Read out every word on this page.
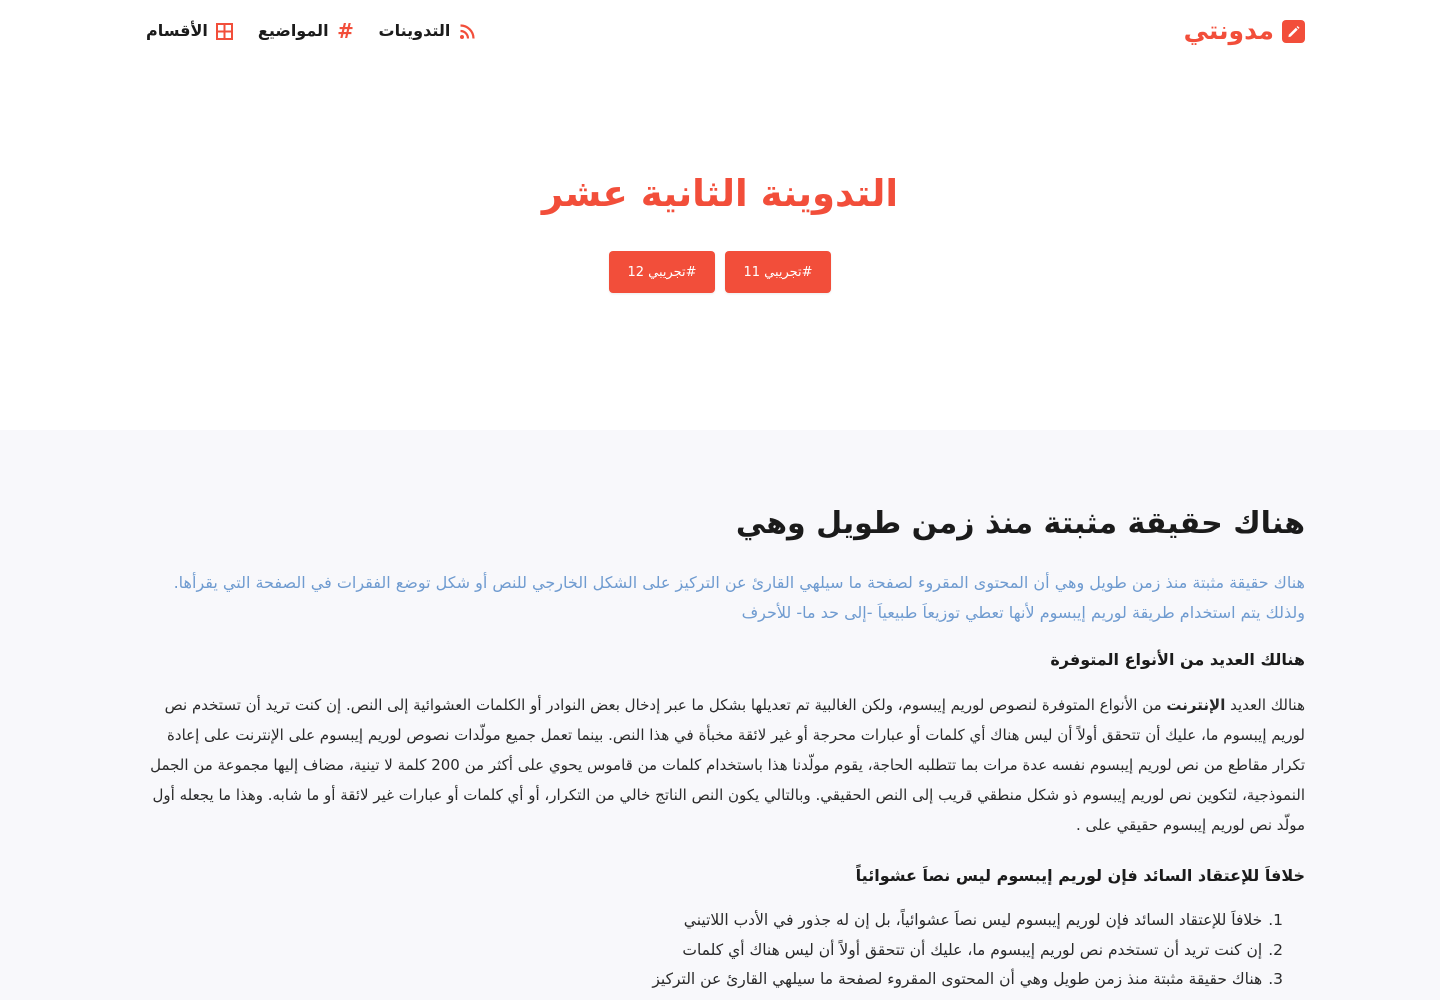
مدونتي
الأقسام	#
المواضيع	التدوينات
التدوينة الثانية عشر
#تجريبي 11
#تجريبي 12
هناك حقيقة مثبتة منذ زمن طويل وهي

هناك حقيقة مثبتة منذ زمن طويل وهي أن المحتوى المقروء لصفحة ما سيلهي القارئ عن التركيز على الشكل الخارجي للنص أو شكل توضع الفقرات في الصفحة التي يقرأها. ولذلك يتم استخدام طريقة لوريم إيبسوم لأنها تعطي توزيعاَ طبيعياَ -إلى حد ما- للأحرف

هنالك العديد من الأنواع المتوفرة

هنالك العديد الإنترنت من الأنواع المتوفرة لنصوص لوريم إيبسوم، ولكن الغالبية تم تعديلها بشكل ما عبر إدخال بعض النوادر أو الكلمات العشوائية إلى النص. إن كنت تريد أن تستخدم نص لوريم إيبسوم ما، عليك أن تتحقق أولاً أن ليس هناك أي كلمات أو عبارات محرجة أو غير لائقة مخبأة في هذا النص. بينما تعمل جميع مولّدات نصوص لوريم إيبسوم على الإنترنت على إعادة تكرار مقاطع من نص لوريم إيبسوم نفسه عدة مرات بما تتطلبه الحاجة، يقوم مولّدنا هذا باستخدام كلمات من قاموس يحوي على أكثر من 200 كلمة لا تينية، مضاف إليها مجموعة من الجمل النموذجية، لتكوين نص لوريم إيبسوم ذو شكل منطقي قريب إلى النص الحقيقي. وبالتالي يكون النص الناتج خالي من التكرار، أو أي كلمات أو عبارات غير لائقة أو ما شابه. وهذا ما يجعله أول مولّد نص لوريم إيبسوم حقيقي على .

خلافاَ للإعتقاد السائد فإن لوريم إيبسوم ليس نصاَ عشوائياً
1.
خلافاَ للإعتقاد السائد فإن لوريم إيبسوم ليس نصاَ عشوائياً، بل إن له جذور في الأدب اللاتيني
2.
إن كنت تريد أن تستخدم نص لوريم إيبسوم ما، عليك أن تتحقق أولاً أن ليس هناك أي كلمات
3.
هناك حقيقة مثبتة منذ زمن طويل وهي أن المحتوى المقروء لصفحة ما سيلهي القارئ عن التركيز
